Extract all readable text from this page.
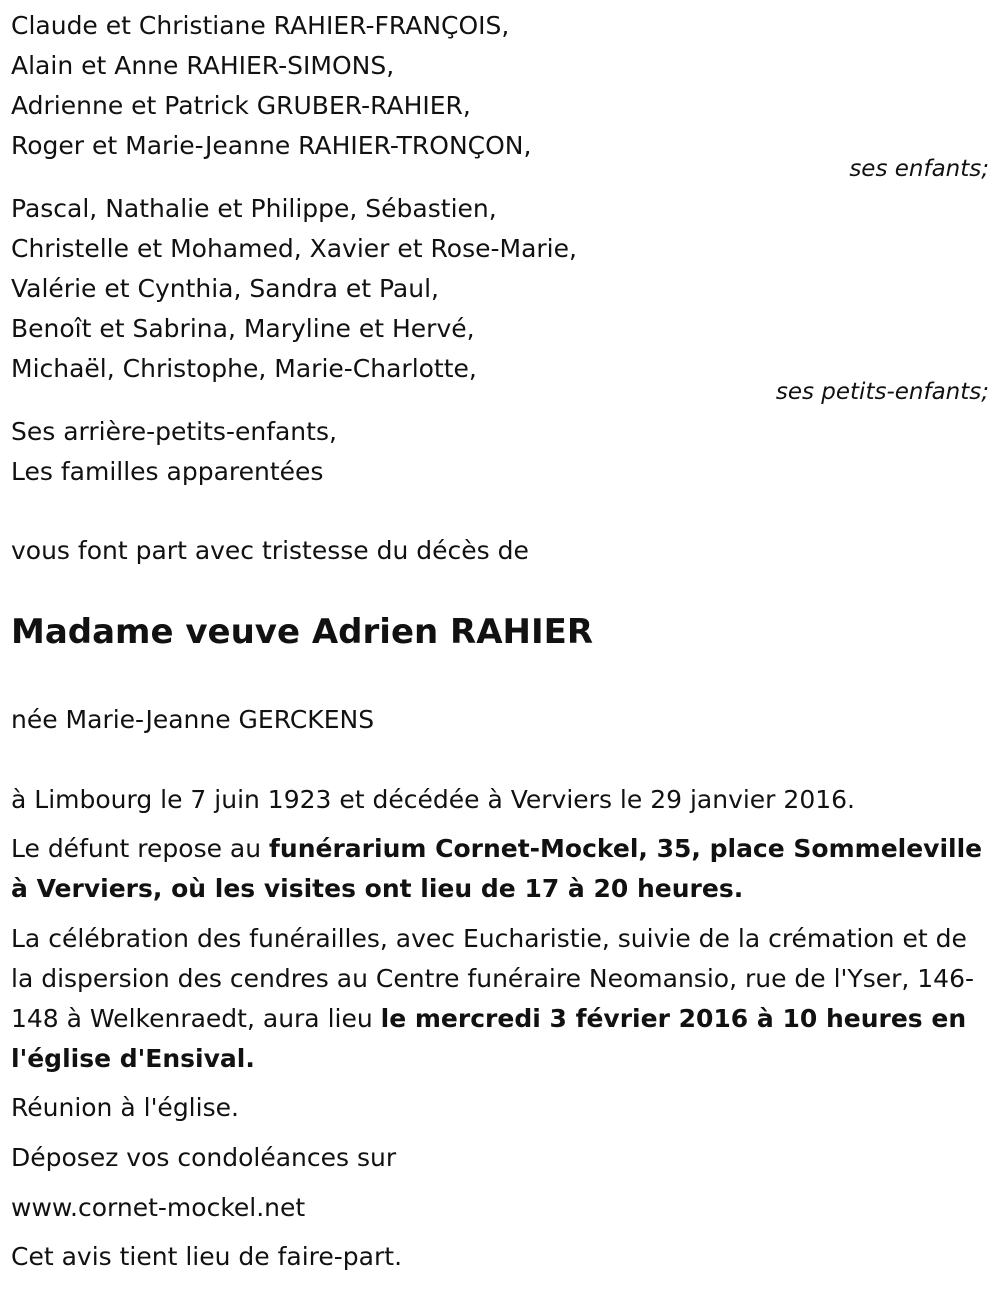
Claude et Christiane RAHIER-FRANÇOIS,
Alain et Anne RAHIER-SIMONS,
Adrienne et Patrick GRUBER-RAHIER,
Roger et Marie-Jeanne RAHIER-TRONÇON,
ses enfants;
Pascal, Nathalie et Philippe, Sébastien,
Christelle et Mohamed, Xavier et Rose-Marie,
Valérie et Cynthia, Sandra et Paul,
Benoît et Sabrina, Maryline et Hervé,
Michaël, Christophe, Marie-Charlotte,
ses petits-enfants;
Ses arrière-petits-enfants,
Les familles apparentées
vous font part avec tristesse du décès de
Madame veuve Adrien RAHIER
née Marie-Jeanne GERCKENS
à Limbourg le 7 juin 1923 et décédée à Verviers le 29 janvier 2016.
Le défunt repose au funérarium Cornet-Mockel, 35, place Sommeleville à Verviers, où les visites ont lieu de 17 à 20 heures.
La célébration des funérailles, avec Eucharistie, suivie de la crémation et de la dispersion des cendres au Centre funéraire Neomansio, rue de l'Yser, 146-148 à Welkenraedt, aura lieu le mercredi 3 février 2016 à 10 heures en l'église d'Ensival.
Réunion à l'église.
Déposez vos condoléances sur
www.cornet-mockel.net
Cet avis tient lieu de faire-part.
